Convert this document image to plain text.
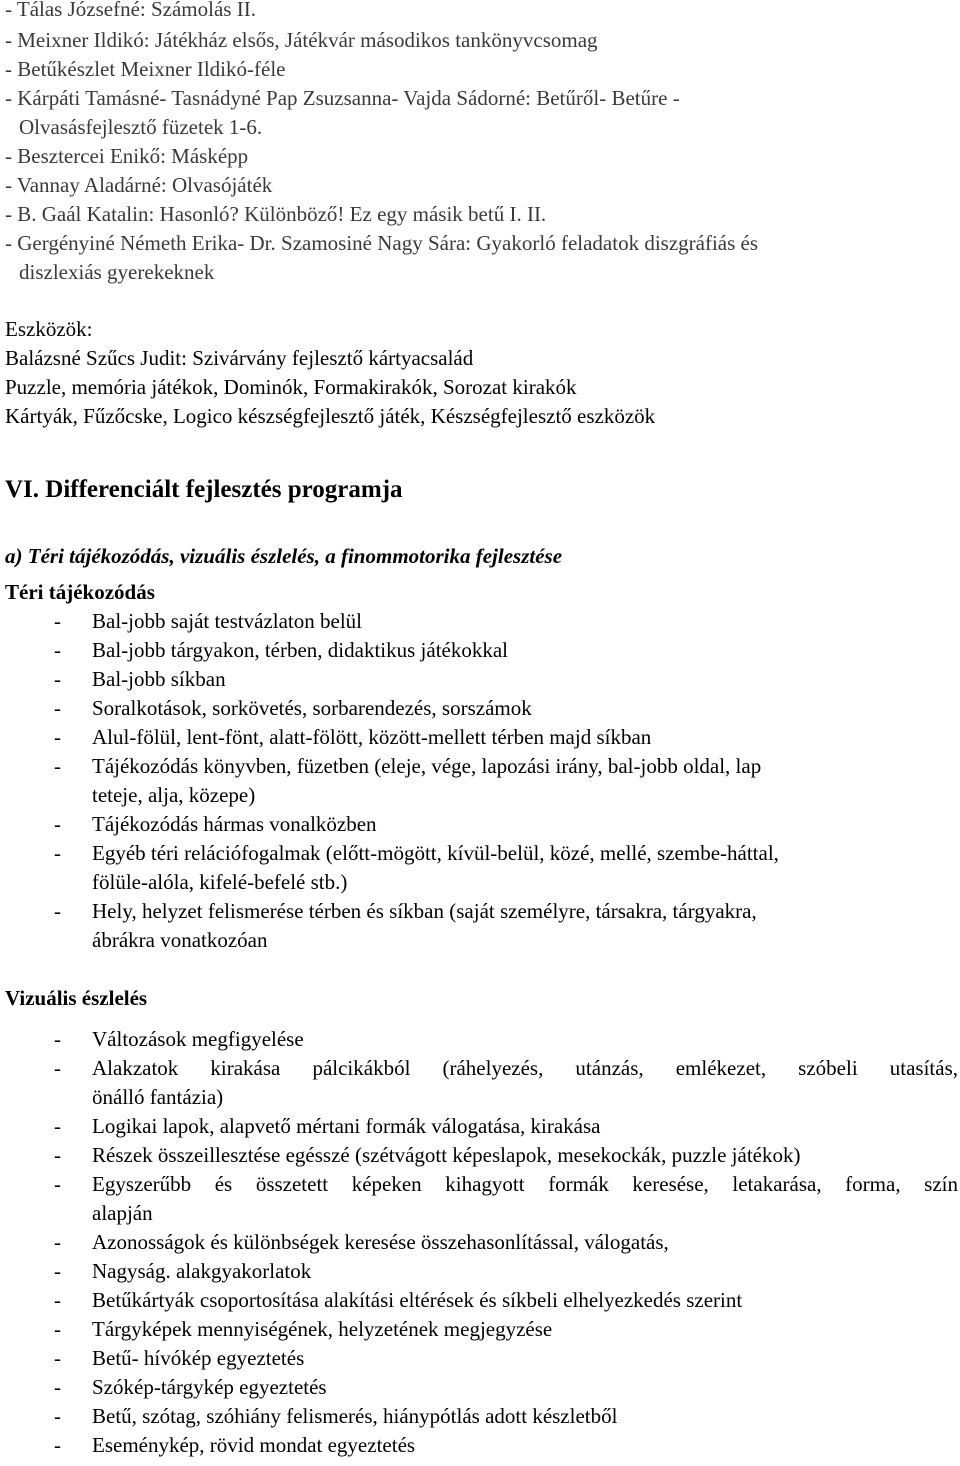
- Tálas Józsefné: Számolás II.
- Meixner Ildikó: Játékház elsős, Játékvár másodikos tankönyvcsomag
- Betűkészlet Meixner Ildikó-féle
- Kárpáti Tamásné- Tasnádyné Pap Zsuzsanna- Vajda Sádorné: Betűről- Betűre -
Olvasásfejlesztő füzetek 1-6.
- Besztercei Enikő: Másképp
- Vannay Aladárné: Olvasójáték
- B. Gaál Katalin: Hasonló? Különböző! Ez egy másik betű I. II.
- Gergényiné Németh Erika- Dr. Szamosiné Nagy Sára: Gyakorló feladatok diszgráfiás és
diszlexiás gyerekeknek
Eszközök:
Balázsné Szűcs Judit: Szivárvány fejlesztő kártyacsalád
Puzzle, memória játékok, Dominók, Formakirakók, Sorozat kirakók
Kártyák, Fűzőcske, Logico készségfejlesztő játék, Készségfejlesztő eszközök
VI. Differenciált fejlesztés programja
a) Téri tájékozódás, vizuális észlelés, a finommotorika fejlesztése
Téri tájékozódás
- Bal-jobb saját testvázlaton belül
- Bal-jobb tárgyakon, térben, didaktikus játékokkal
- Bal-jobb síkban
- Soralkotások, sorkövetés, sorbarendezés, sorszámok
- Alul-fölül, lent-fönt, alatt-fölött, között-mellett térben majd síkban
- Tájékozódás könyvben, füzetben (eleje, vége, lapozási irány, bal-jobb oldal, lap
teteje, alja, közepe)
- Tájékozódás hármas vonalközben
- Egyéb téri relációfogalmak (előtt-mögött, kívül-belül, közé, mellé, szembe-háttal,
fölüle-alóla, kifelé-befelé stb.)
- Hely, helyzet felismerése térben és síkban (saját személyre, társakra, tárgyakra,
ábrákra vonatkozóan
Vizuális észlelés
- Változások megfigyelése
- Alakzatok kirakása pálcikákból (ráhelyezés, utánzás, emlékezet, szóbeli utasítás,
önálló fantázia)
- Logikai lapok, alapvető mértani formák válogatása, kirakása
- Részek összeillesztése egésszé (szétvágott képeslapok, mesekockák, puzzle játékok)
- Egyszerűbb és összetett képeken kihagyott formák keresése, letakarása, forma, szín
alapján
- Azonosságok és különbségek keresése összehasonlítással, válogatás,
- Nagyság. alakgyakorlatok
- Betűkártyák csoportosítása alakítási eltérések és síkbeli elhelyezkedés szerint
- Tárgyképek mennyiségének, helyzetének megjegyzése
- Betű- hívókép egyeztetés
- Szókép-tárgykép egyeztetés
- Betű, szótag, szóhiány felismerés, hiánypótlás adott készletből
- Eseménykép, rövid mondat egyeztetés
